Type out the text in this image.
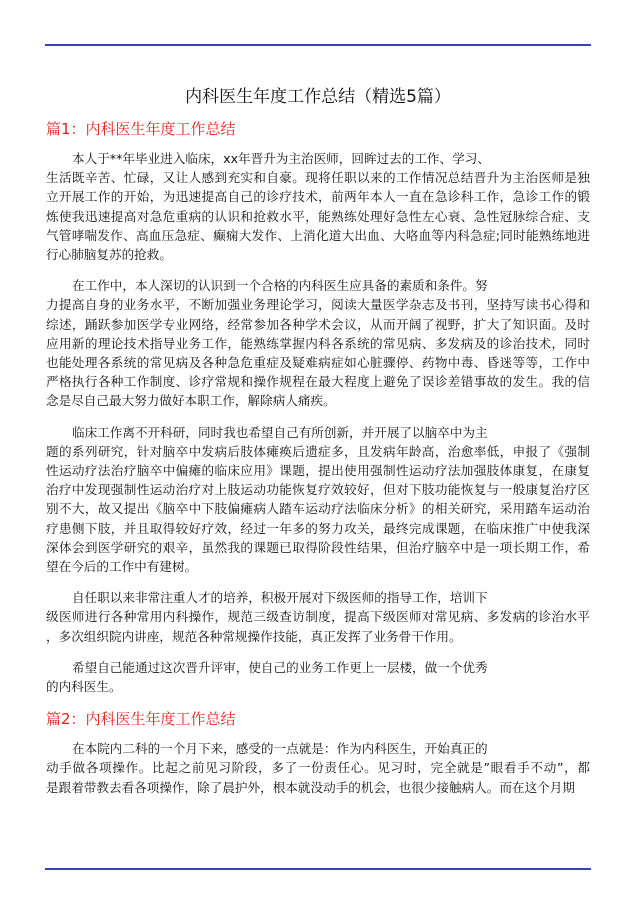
内科医生年度工作总结（精选5篇）
篇1：内科医生年度工作总结
本人于**年毕业进入临床，xx年晋升为主治医师，回眸过去的工作、学习、
生活既辛苦、忙碌，又让人感到充实和自豪。现将任职以来的工作情况总结晋升为主治医师是独
立开展工作的开始，为迅速提高自己的诊疗技术，前两年本人一直在急诊科工作，急诊工作的锻
炼使我迅速提高对急危重病的认识和抢救水平，能熟练处理好急性左心衰、急性冠脉综合症、支
气管哮喘发作、高血压急症、癫痫大发作、上消化道大出血、大咯血等内科急症;同时能熟练地进
行心肺脑复苏的抢救。
在工作中，本人深切的认识到一个合格的内科医生应具备的素质和条件。努
力提高自身的业务水平，不断加强业务理论学习，阅读大量医学杂志及书刊，坚持写读书心得和
综述，踊跃参加医学专业网络，经常参加各种学术会议，从而开阔了视野，扩大了知识面。及时
应用新的理论技术指导业务工作，能熟练掌握内科各系统的常见病、多发病及的诊治技术，同时
也能处理各系统的常见病及各种急危重症及疑难病症如心脏骤停、药物中毒、昏迷等等，工作中
严格执行各种工作制度、诊疗常规和操作规程在最大程度上避免了误诊差错事故的发生。我的信
念是尽自己最大努力做好本职工作，解除病人痛疾。
临床工作离不开科研，同时我也希望自己有所创新，并开展了以脑卒中为主
题的系列研究，针对脑卒中发病后肢体瘫痪后遗症多，且发病年龄高，治愈率低，申报了《强制
性运动疗法治疗脑卒中偏瘫的临床应用》课题，提出使用强制性运动疗法加强肢体康复，在康复
治疗中发现强制性运动治疗对上肢运动功能恢复疗效较好，但对下肢功能恢复与一般康复治疗区
别不大，故又提出《脑卒中下肢偏瘫病人踏车运动疗法临床分析》的相关研究，采用踏车运动治
疗患侧下肢，并且取得较好疗效，经过一年多的努力攻关，最终完成课题，在临床推广中使我深
深体会到医学研究的艰辛，虽然我的课题已取得阶段性结果，但治疗脑卒中是一项长期工作，希
望在今后的工作中有建树。
自任职以来非常注重人才的培养，积极开展对下级医师的指导工作，培训下
级医师进行各种常用内科操作，规范三级查访制度，提高下级医师对常见病、多发病的诊治水平
，多次组织院内讲座，规范各种常规操作技能，真正发挥了业务骨干作用。
希望自己能通过这次晋升评审，使自己的业务工作更上一层楼，做一个优秀
的内科医生。
篇2：内科医生年度工作总结
在本院内二科的一个月下来，感受的一点就是：作为内科医生，开始真正的
动手做各项操作。比起之前见习阶段，多了一份责任心。见习时，完全就是”眼看手不动”，都
是跟着带教去看各项操作，除了晨护外，根本就没动手的机会，也很少接触病人。而在这个月期
